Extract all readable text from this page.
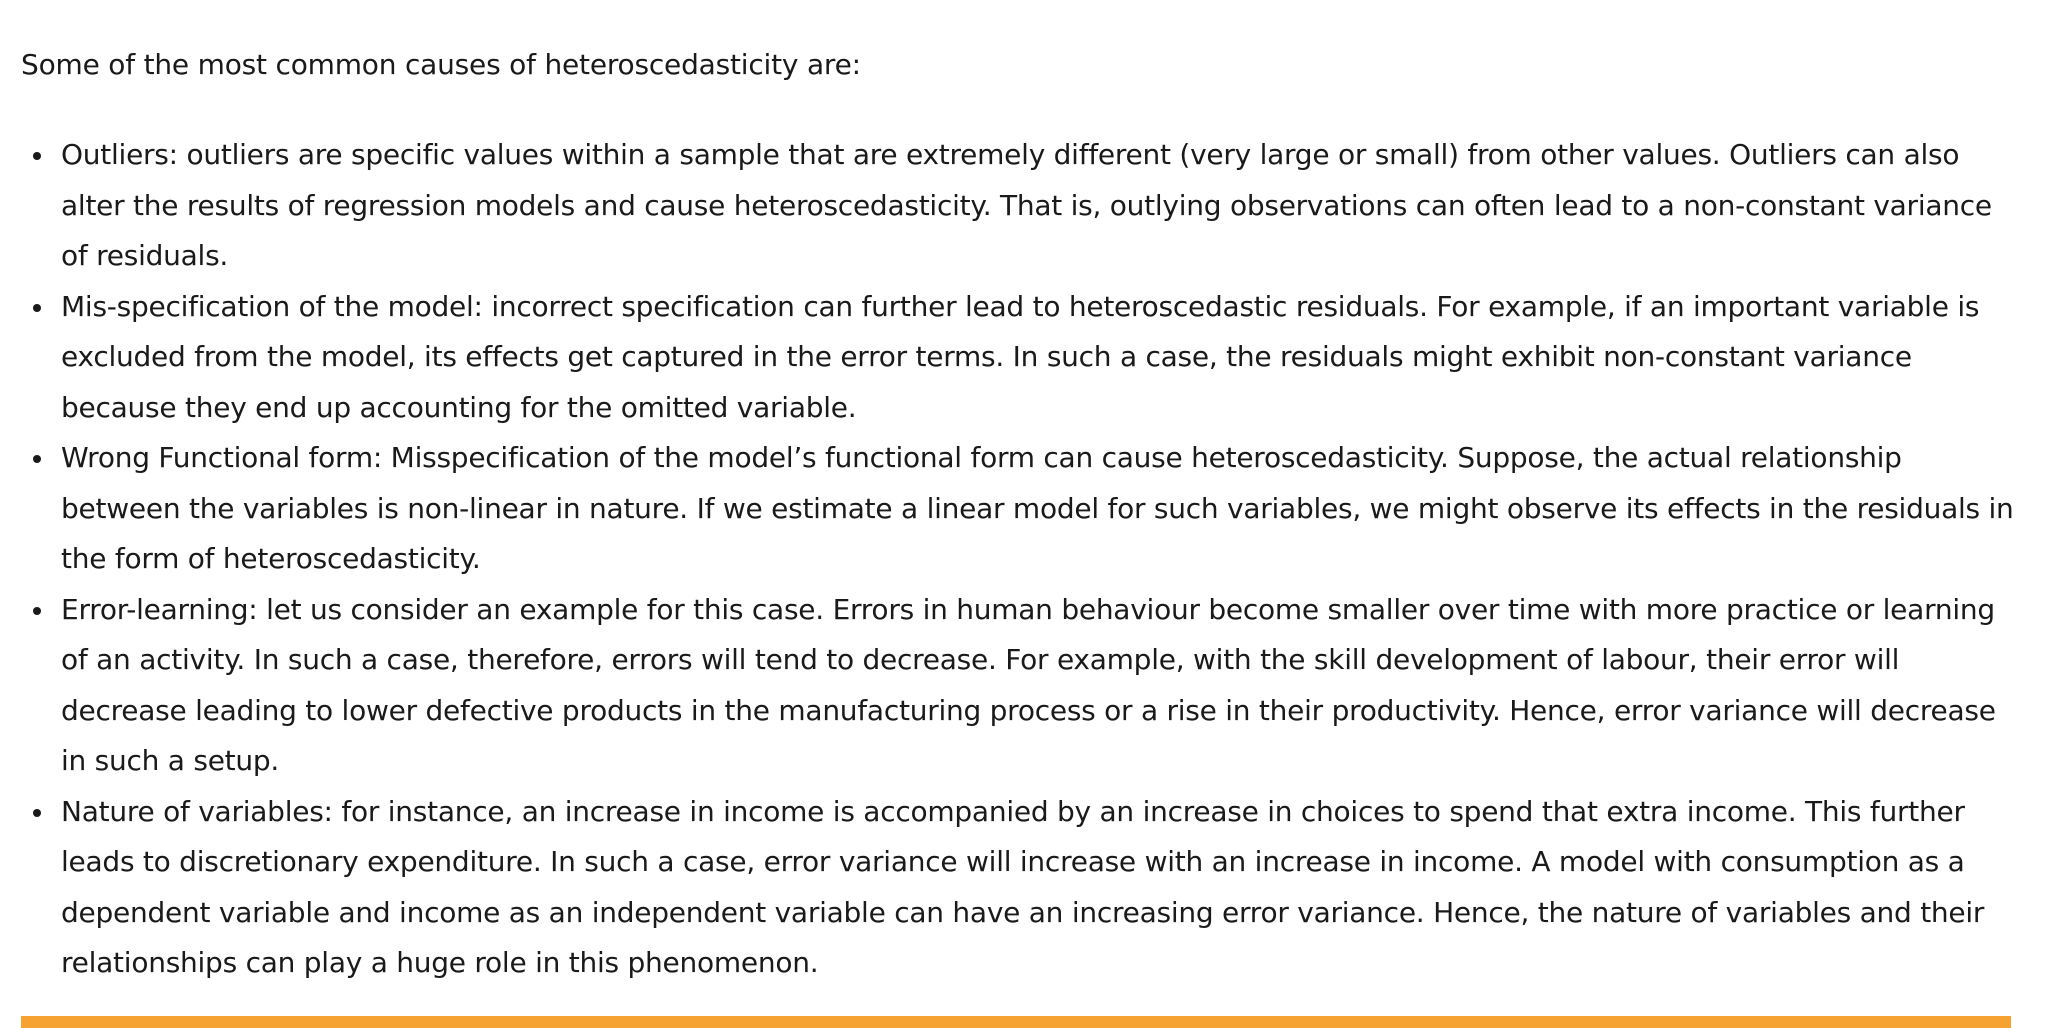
Some of the most common causes of heteroscedasticity are:

Outliers: outliers are specific values within a sample that are extremely different (very large or small) from other values. Outliers can also alter the results of regression models and cause heteroscedasticity. That is, outlying observations can often lead to a non-constant variance of residuals.
Mis-specification of the model: incorrect specification can further lead to heteroscedastic residuals. For example, if an important variable is excluded from the model, its effects get captured in the error terms. In such a case, the residuals might exhibit non-constant variance because they end up accounting for the omitted variable.
Wrong Functional form: Misspecification of the model’s functional form can cause heteroscedasticity. Suppose, the actual relationship between the variables is non-linear in nature. If we estimate a linear model for such variables, we might observe its effects in the residuals in the form of heteroscedasticity.
Error-learning: let us consider an example for this case. Errors in human behaviour become smaller over time with more practice or learning of an activity. In such a case, therefore, errors will tend to decrease. For example, with the skill development of labour, their error will decrease leading to lower defective products in the manufacturing process or a rise in their productivity. Hence, error variance will decrease in such a setup.
Nature of variables: for instance, an increase in income is accompanied by an increase in choices to spend that extra income. This further leads to discretionary expenditure. In such a case, error variance will increase with an increase in income. A model with consumption as a dependent variable and income as an independent variable can have an increasing error variance. Hence, the nature of variables and their relationships can play a huge role in this phenomenon.
